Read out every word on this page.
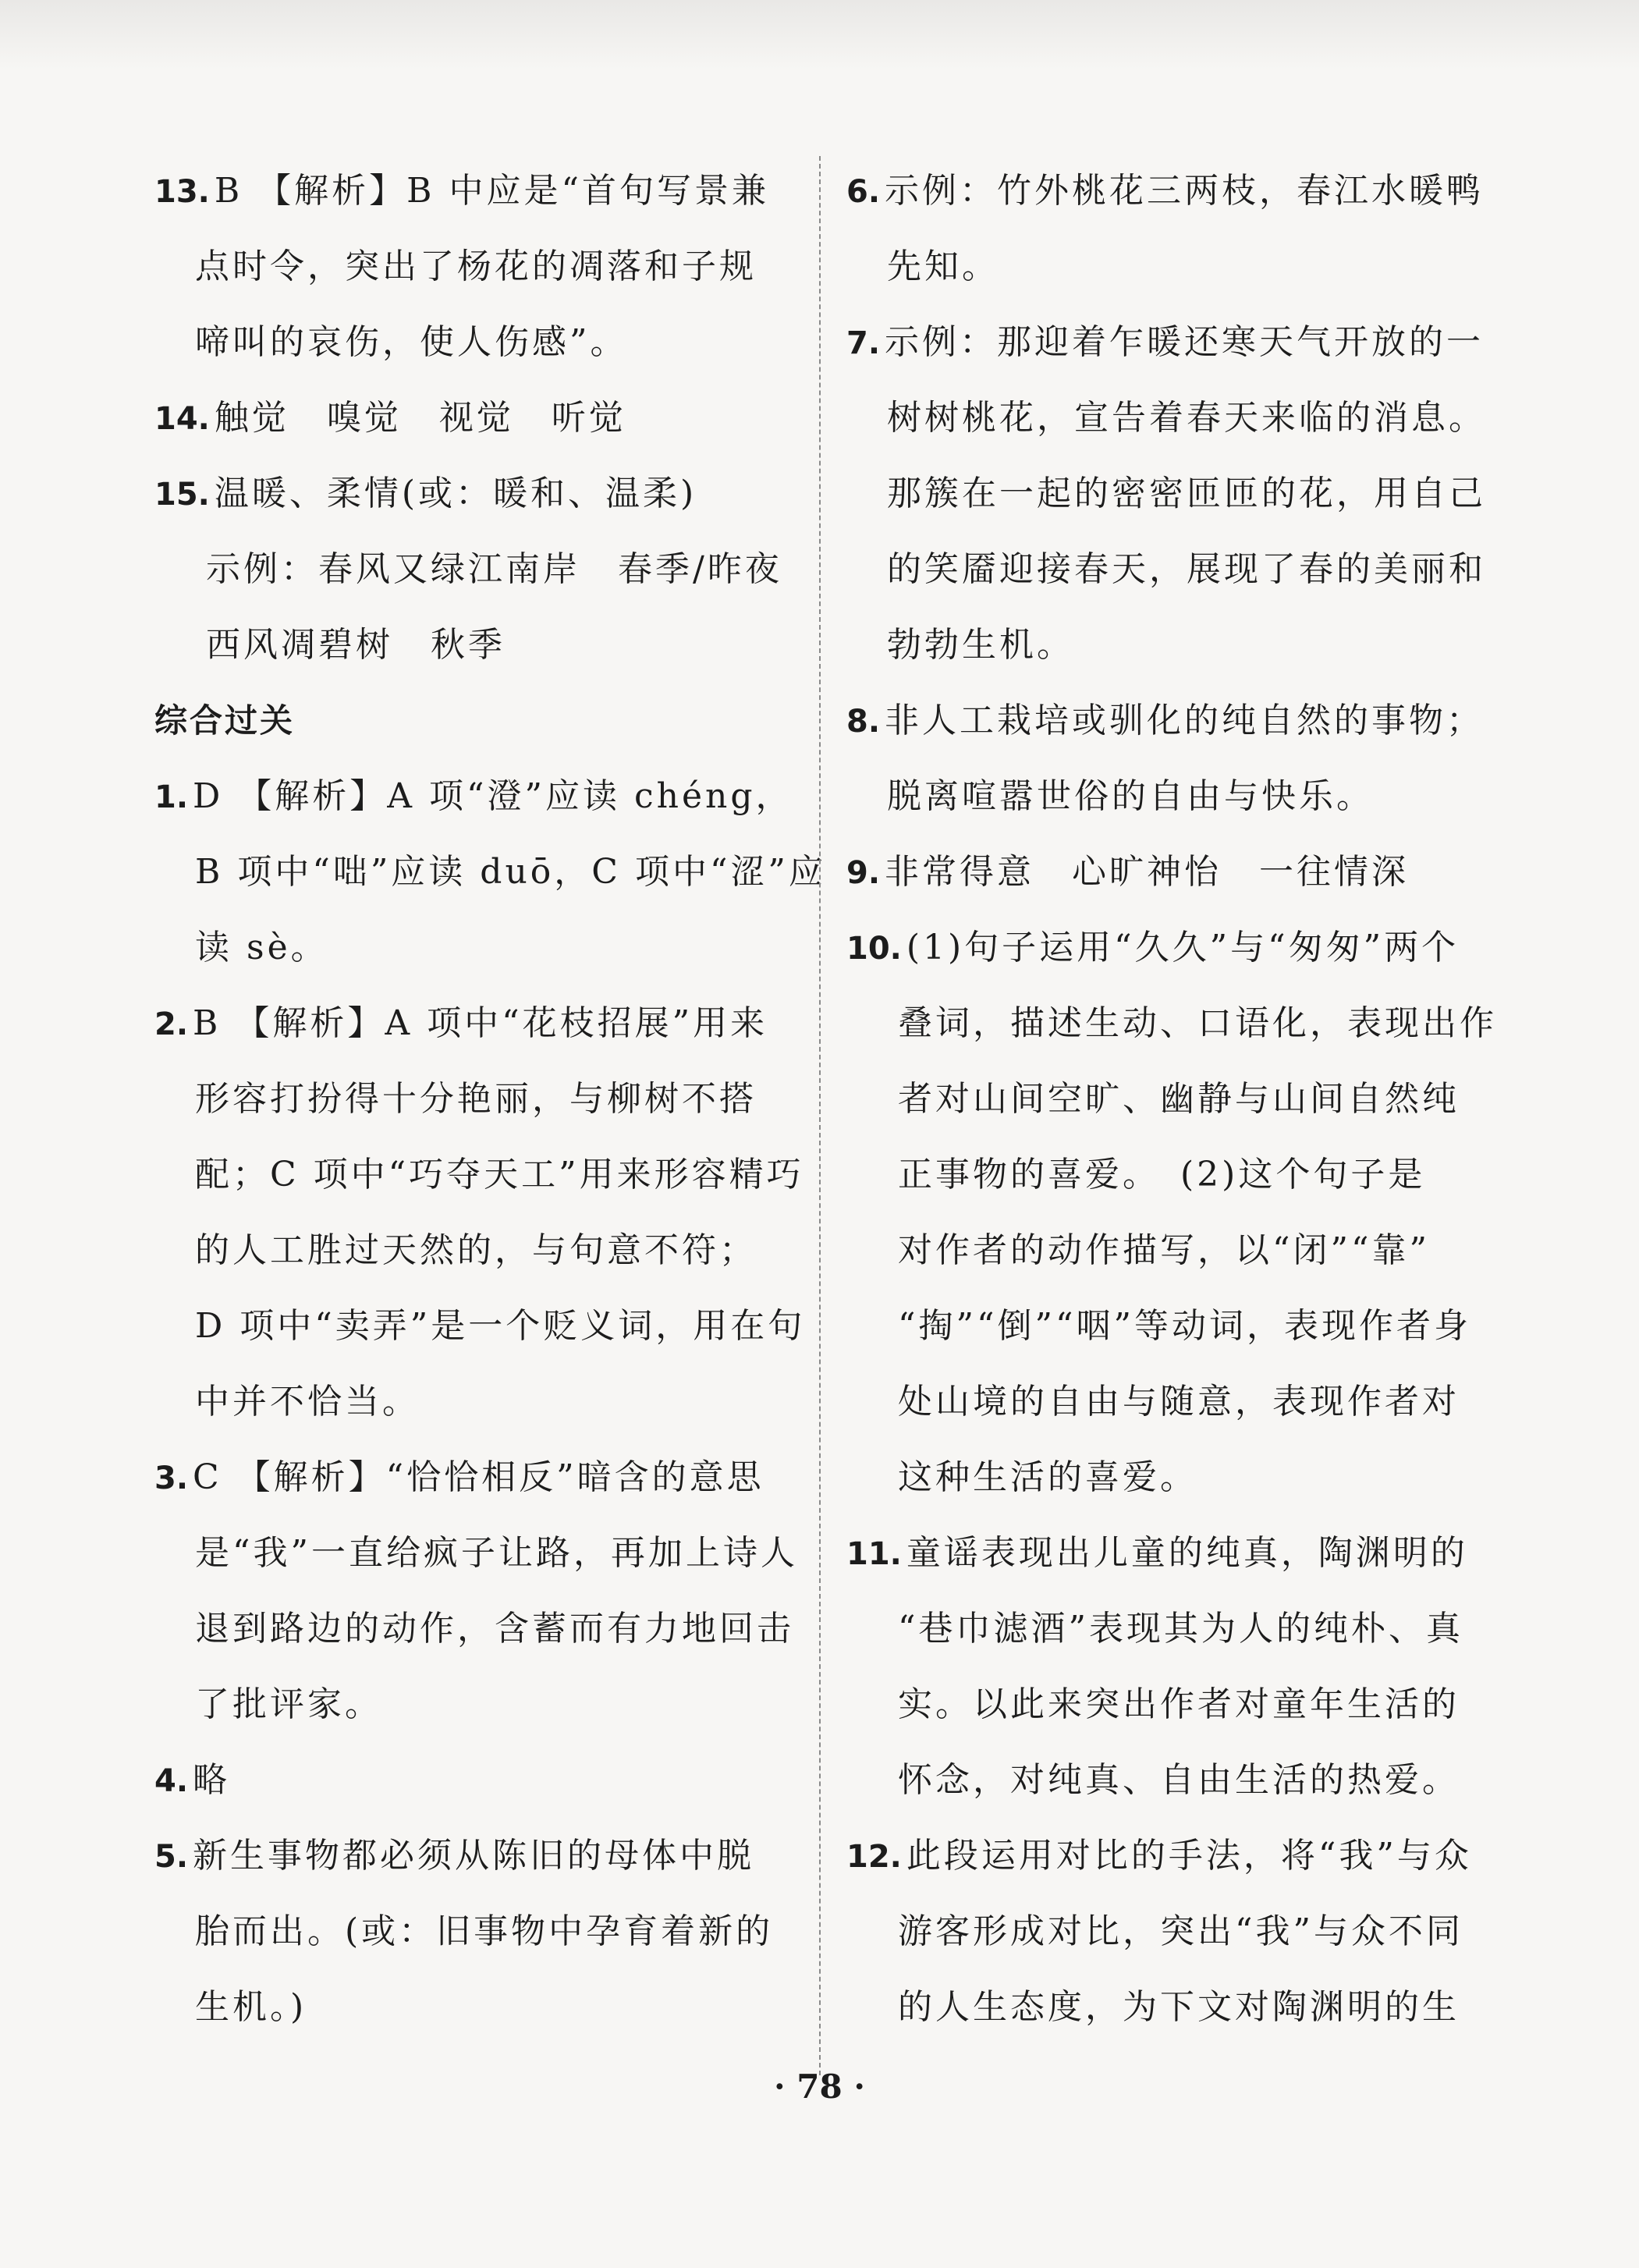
13. B 【解析】B 中应是“首句写景兼
点时令，突出了杨花的凋落和子规
啼叫的哀伤，使人伤感”。
14. 触觉　嗅觉　视觉　听觉
15. 温暖、柔情(或：暖和、温柔)
示例：春风又绿江南岸　春季/昨夜
西风凋碧树　秋季
综合过关
1. D 【解析】A 项“澄”应读 chéng，
B 项中“咄”应读 duō，C 项中“涩”应
读 sè。
2. B 【解析】A 项中“花枝招展”用来
形容打扮得十分艳丽，与柳树不搭
配；C 项中“巧夺天工”用来形容精巧
的人工胜过天然的，与句意不符；
D 项中“卖弄”是一个贬义词，用在句
中并不恰当。
3. C 【解析】“恰恰相反”暗含的意思
是“我”一直给疯子让路，再加上诗人
退到路边的动作，含蓄而有力地回击
了批评家。
4. 略
5. 新生事物都必须从陈旧的母体中脱
胎而出。(或：旧事物中孕育着新的
生机。)
6. 示例：竹外桃花三两枝，春江水暖鸭
先知。
7. 示例：那迎着乍暖还寒天气开放的一
树树桃花，宣告着春天来临的消息。
那簇在一起的密密匝匝的花，用自己
的笑靥迎接春天，展现了春的美丽和
勃勃生机。
8. 非人工栽培或驯化的纯自然的事物；
脱离喧嚣世俗的自由与快乐。
9. 非常得意　心旷神怡　一往情深
10. (1)句子运用“久久”与“匆匆”两个
叠词，描述生动、口语化，表现出作
者对山间空旷、幽静与山间自然纯
正事物的喜爱。　(2)这个句子是
对作者的动作描写，以“闭”“靠”
“掏”“倒”“咽”等动词，表现作者身
处山境的自由与随意，表现作者对
这种生活的喜爱。
11. 童谣表现出儿童的纯真，陶渊明的
“巷巾滤酒”表现其为人的纯朴、真
实。以此来突出作者对童年生活的
怀念，对纯真、自由生活的热爱。
12. 此段运用对比的手法，将“我”与众
游客形成对比，突出“我”与众不同
的人生态度，为下文对陶渊明的生
· 78 ·
